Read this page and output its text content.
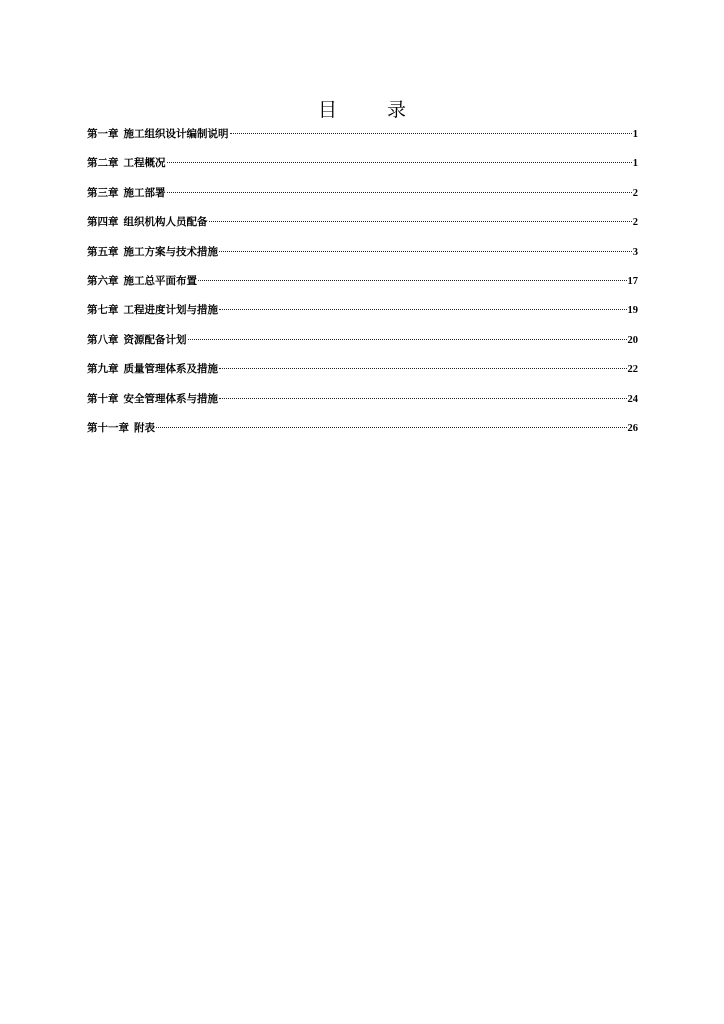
目 录
第一章 施工组织设计编制说明	1
第二章 工程概况	1
第三章 施工部署	2
第四章 组织机构人员配备	2
第五章 施工方案与技术措施	3
第六章 施工总平面布置	17
第七章 工程进度计划与措施	19
第八章 资源配备计划	20
第九章 质量管理体系及措施	22
第十章 安全管理体系与措施	24
第十一章 附表	26
